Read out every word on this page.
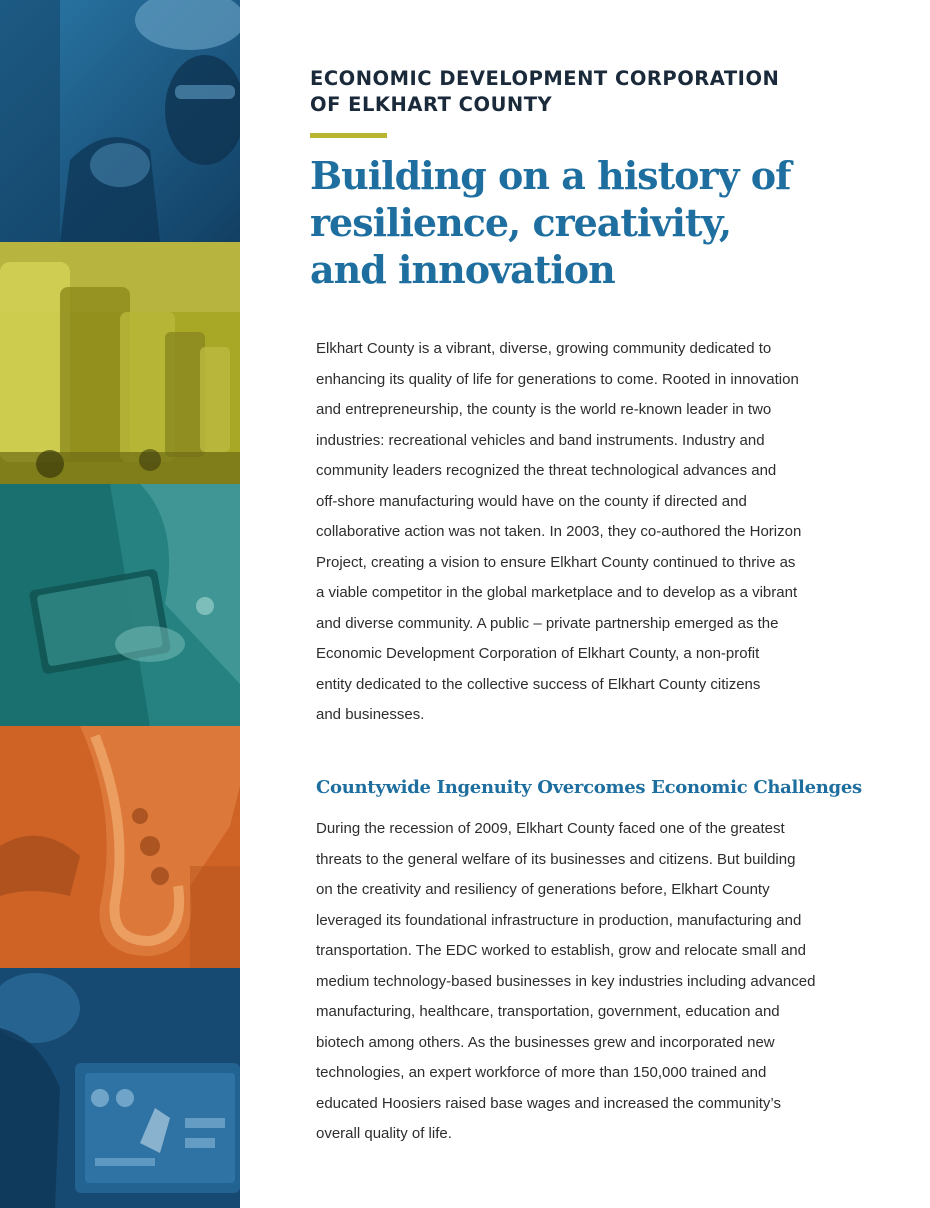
ECONOMIC DEVELOPMENT CORPORATION
OF ELKHART COUNTY
Building on a history of
resilience, creativity,
and innovation

Elkhart County is a vibrant, diverse, growing community dedicated to
enhancing its quality of life for generations to come. Rooted in innovation
and entrepreneurship, the county is the world re-known leader in two
industries: recreational vehicles and band instruments. Industry and
community leaders recognized the threat technological advances and
off-shore manufacturing would have on the county if directed and
collaborative action was not taken. In 2003, they co-authored the Horizon
Project, creating a vision to ensure Elkhart County continued to thrive as
a viable competitor in the global marketplace and to develop as a vibrant
and diverse community. A public – private partnership emerged as the
Economic Development Corporation of Elkhart County, a non-profit
entity dedicated to the collective success of Elkhart County citizens
and businesses.

Countywide Ingenuity Overcomes Economic Challenges

During the recession of 2009, Elkhart County faced one of the greatest
threats to the general welfare of its businesses and citizens. But building
on the creativity and resiliency of generations before, Elkhart County
leveraged its foundational infrastructure in production, manufacturing and
transportation. The EDC worked to establish, grow and relocate small and
medium technology-based businesses in key industries including advanced
manufacturing, healthcare, transportation, government, education and
biotech among others. As the businesses grew and incorporated new
technologies, an expert workforce of more than 150,000 trained and
educated Hoosiers raised base wages and increased the community’s
overall quality of life.
